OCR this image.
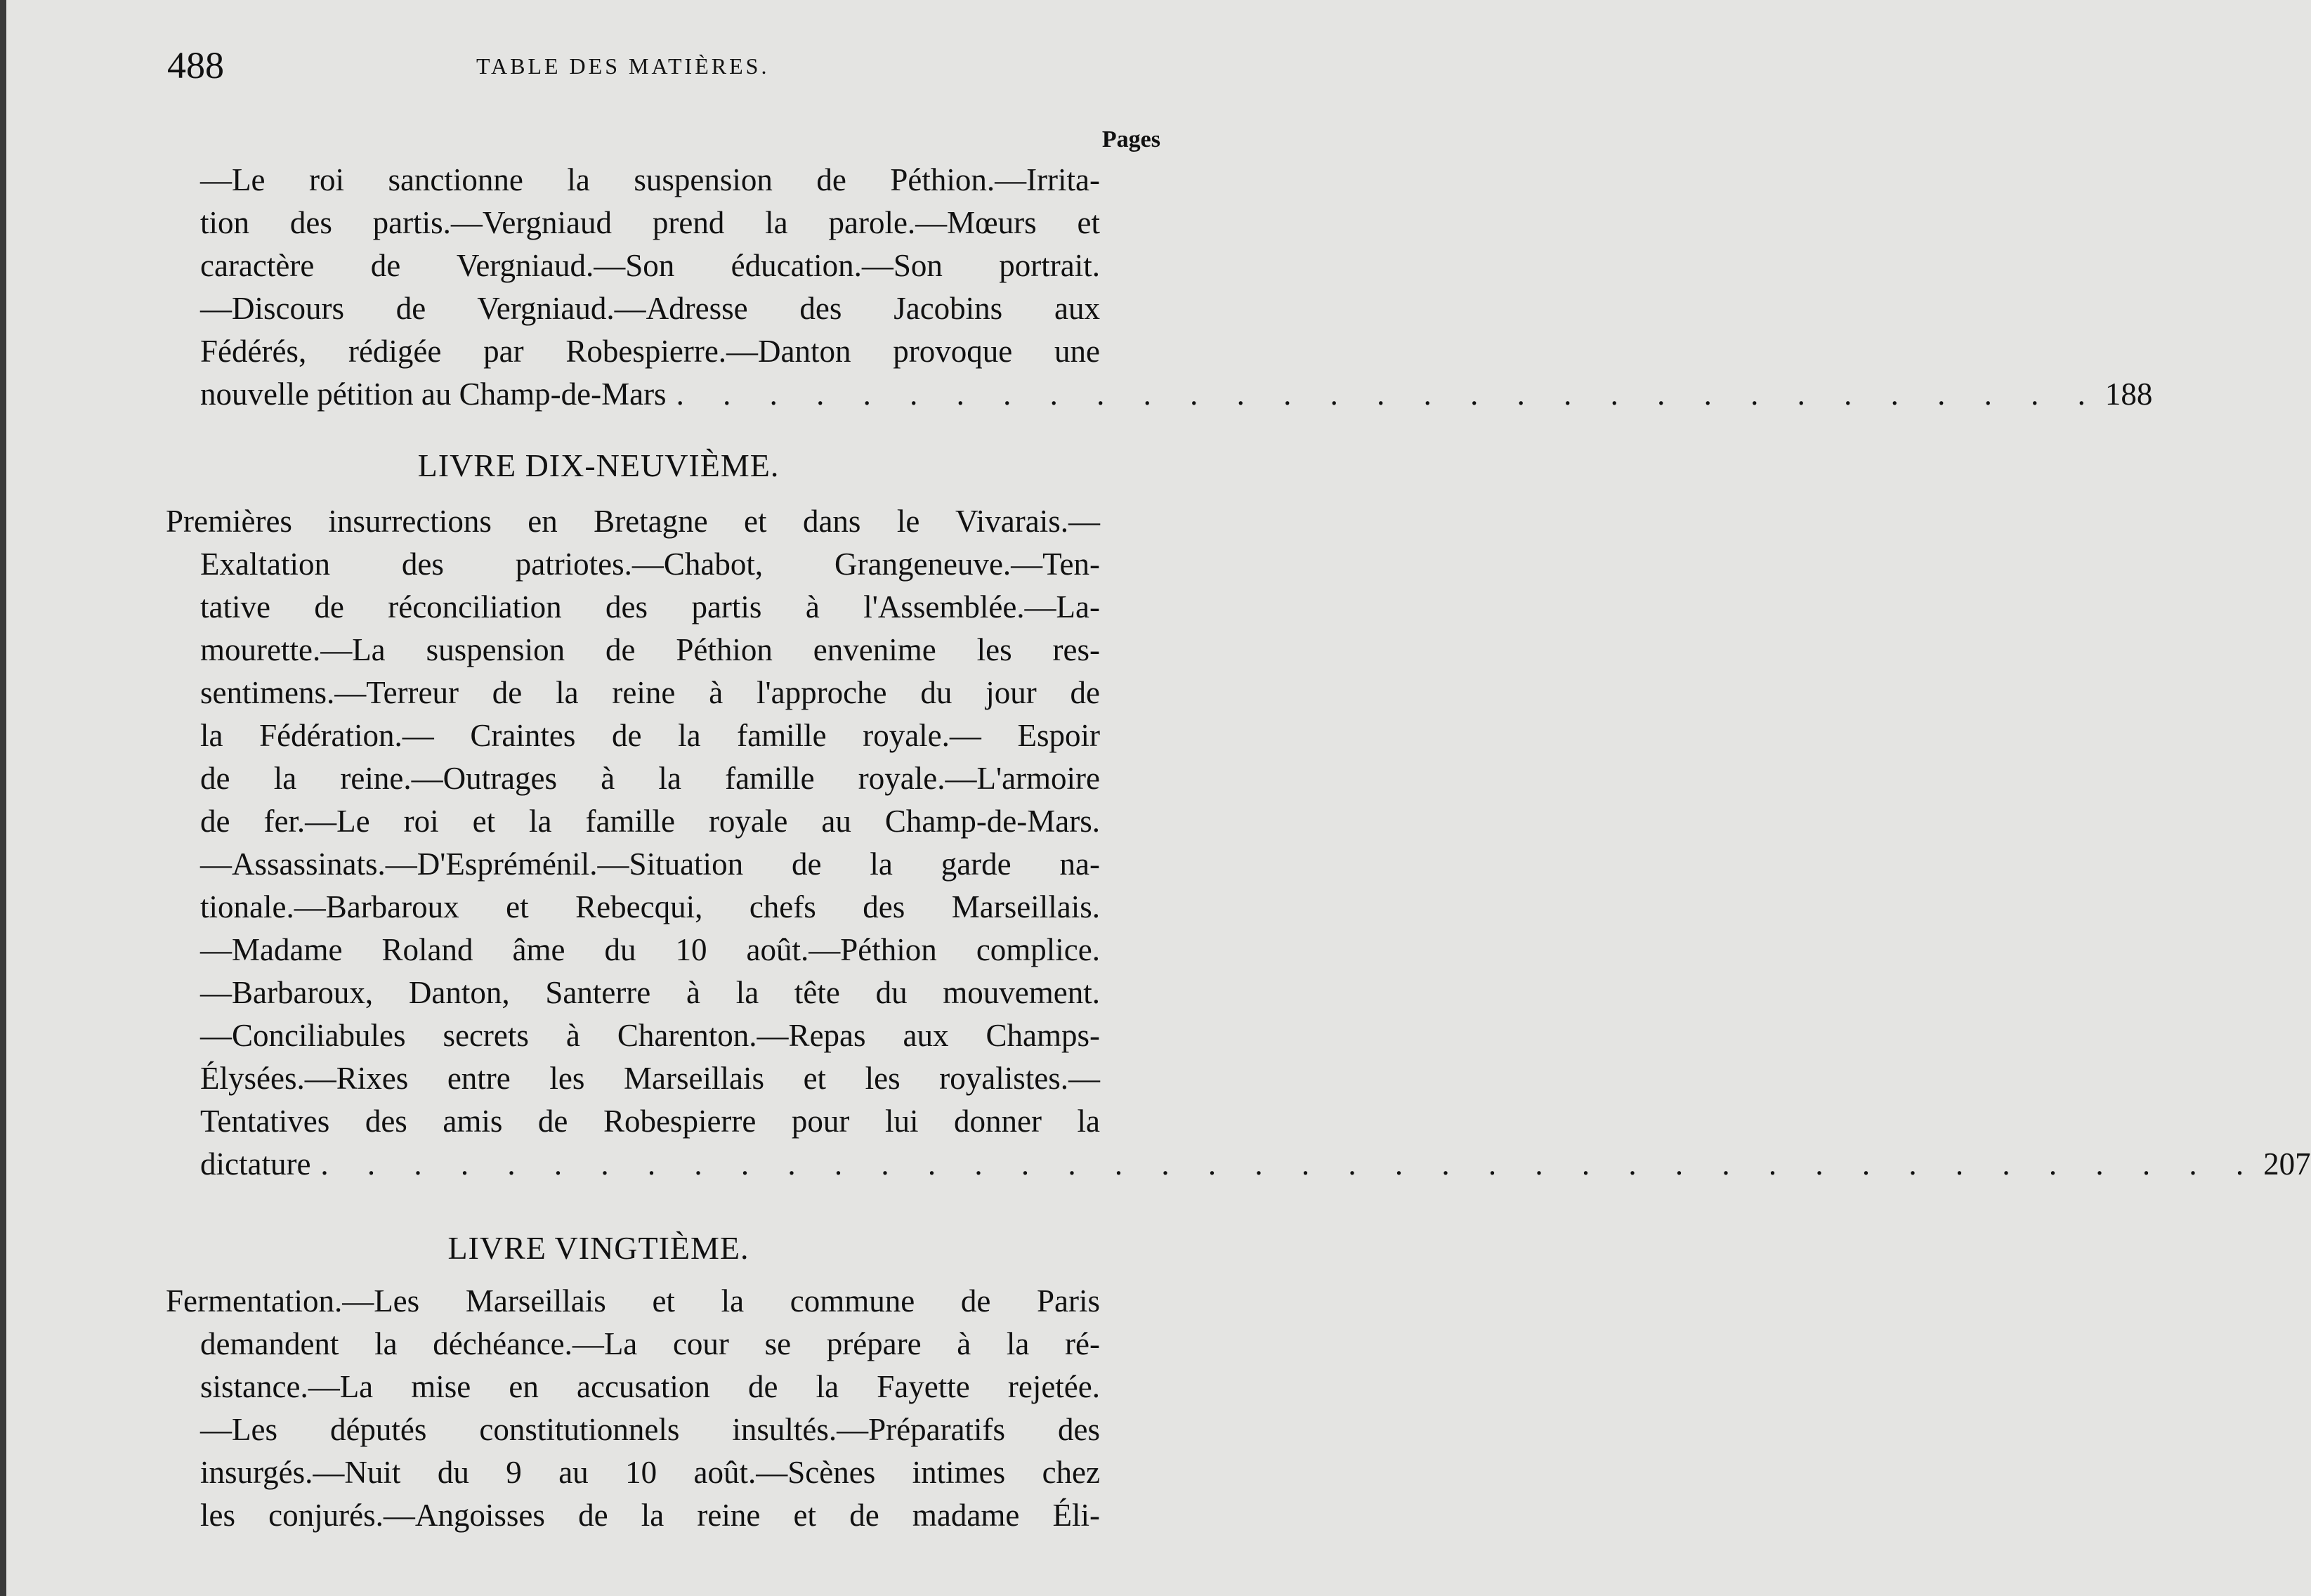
488	TABLE DES MATIÈRES.
Pages
—Le roi sanctionne la suspension de Péthion.—Irrita-
tion des partis.—Vergniaud prend la parole.—Mœurs et
caractère de Vergniaud.—Son éducation.—Son portrait.
—Discours de Vergniaud.—Adresse des Jacobins aux
Fédérés, rédigée par Robespierre.—Danton provoque une
nouvelle pétition au Champ-de-Mars . . . . . . . . . . . . . . . . . . . . . . . . . . . . . . . 188
LIVRE DIX-NEUVIÈME.
Premières insurrections en Bretagne et dans le Vivarais.—
Exaltation des patriotes.—Chabot, Grangeneuve.—Ten-
tative de réconciliation des partis à l'Assemblée.—La-
mourette.—La suspension de Péthion envenime les res-
sentimens.—Terreur de la reine à l'approche du jour de
la Fédération.— Craintes de la famille royale.— Espoir
de la reine.—Outrages à la famille royale.—L'armoire
de fer.—Le roi et la famille royale au Champ-de-Mars.
—Assassinats.—D'Espréménil.—Situation de la garde na-
tionale.—Barbaroux et Rebecqui, chefs des Marseillais.
—Madame Roland âme du 10 août.—Péthion complice.
—Barbaroux, Danton, Santerre à la tête du mouvement.
—Conciliabules secrets à Charenton.—Repas aux Champs-
Élysées.—Rixes entre les Marseillais et les royalistes.—
Tentatives des amis de Robespierre pour lui donner la
dictature . . . . . . . . . . . . . . . . . . . . . . . . . . . . . . . . . . . . . . . . . . 207
LIVRE VINGTIÈME.
Fermentation.—Les Marseillais et la commune de Paris
demandent la déchéance.—La cour se prépare à la ré-
sistance.—La mise en accusation de la Fayette rejetée.
—Les députés constitutionnels insultés.—Préparatifs des
insurgés.—Nuit du 9 au 10 août.—Scènes intimes chez
les conjurés.—Angoisses de la reine et de madame Éli-
